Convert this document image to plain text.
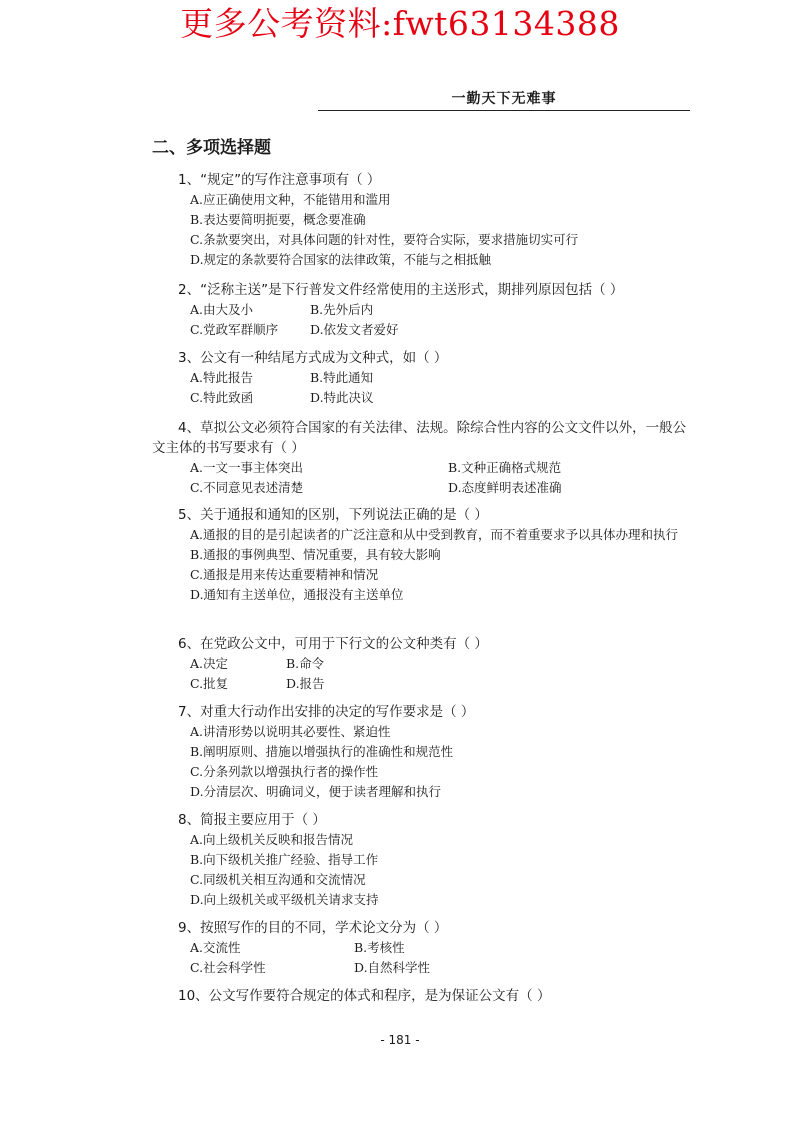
更多公考资料:fwt63134388
一勤天下无难事
二、多项选择题
1、“规定”的写作注意事项有（ ）
A.应正确使用文种，不能错用和滥用
B.表达要简明扼要，概念要准确
C.条款要突出，对具体问题的针对性，要符合实际，要求措施切实可行
D.规定的条款要符合国家的法律政策，不能与之相抵触
2、“泛称主送”是下行普发文件经常使用的主送形式，期排列原因包括（ ）
A.由大及小	B.先外后内
C.党政军群顺序	D.依发文者爱好
3、公文有一种结尾方式成为文种式，如（ ）
A.特此报告	B.特此通知
C.特此致函	D.特此决议
4、草拟公文必须符合国家的有关法律、法规。除综合性内容的公文文件以外，一般公文主体的书写要求有（ ）
A.一文一事主体突出	B.文种正确格式规范
C.不同意见表述清楚	D.态度鲜明表述准确
5、关于通报和通知的区别，下列说法正确的是（ ）
A.通报的目的是引起读者的广泛注意和从中受到教育，而不着重要求予以具体办理和执行
B.通报的事例典型、情况重要，具有较大影响
C.通报是用来传达重要精神和情况
D.通知有主送单位，通报没有主送单位
6、在党政公文中，可用于下行文的公文种类有（ ）
A.决定	B.命令
C.批复	D.报告
7、对重大行动作出安排的决定的写作要求是（ ）
A.讲清形势以说明其必要性、紧迫性
B.阐明原则、措施以增强执行的准确性和规范性
C.分条列款以增强执行者的操作性
D.分清层次、明确词义，便于读者理解和执行
8、简报主要应用于（ ）
A.向上级机关反映和报告情况
B.向下级机关推广经验、指导工作
C.同级机关相互沟通和交流情况
D.向上级机关或平级机关请求支持
9、按照写作的目的不同，学术论文分为（ ）
A.交流性	B.考核性
C.社会科学性	D.自然科学性
10、公文写作要符合规定的体式和程序，是为保证公文有（ ）
- 181 -
